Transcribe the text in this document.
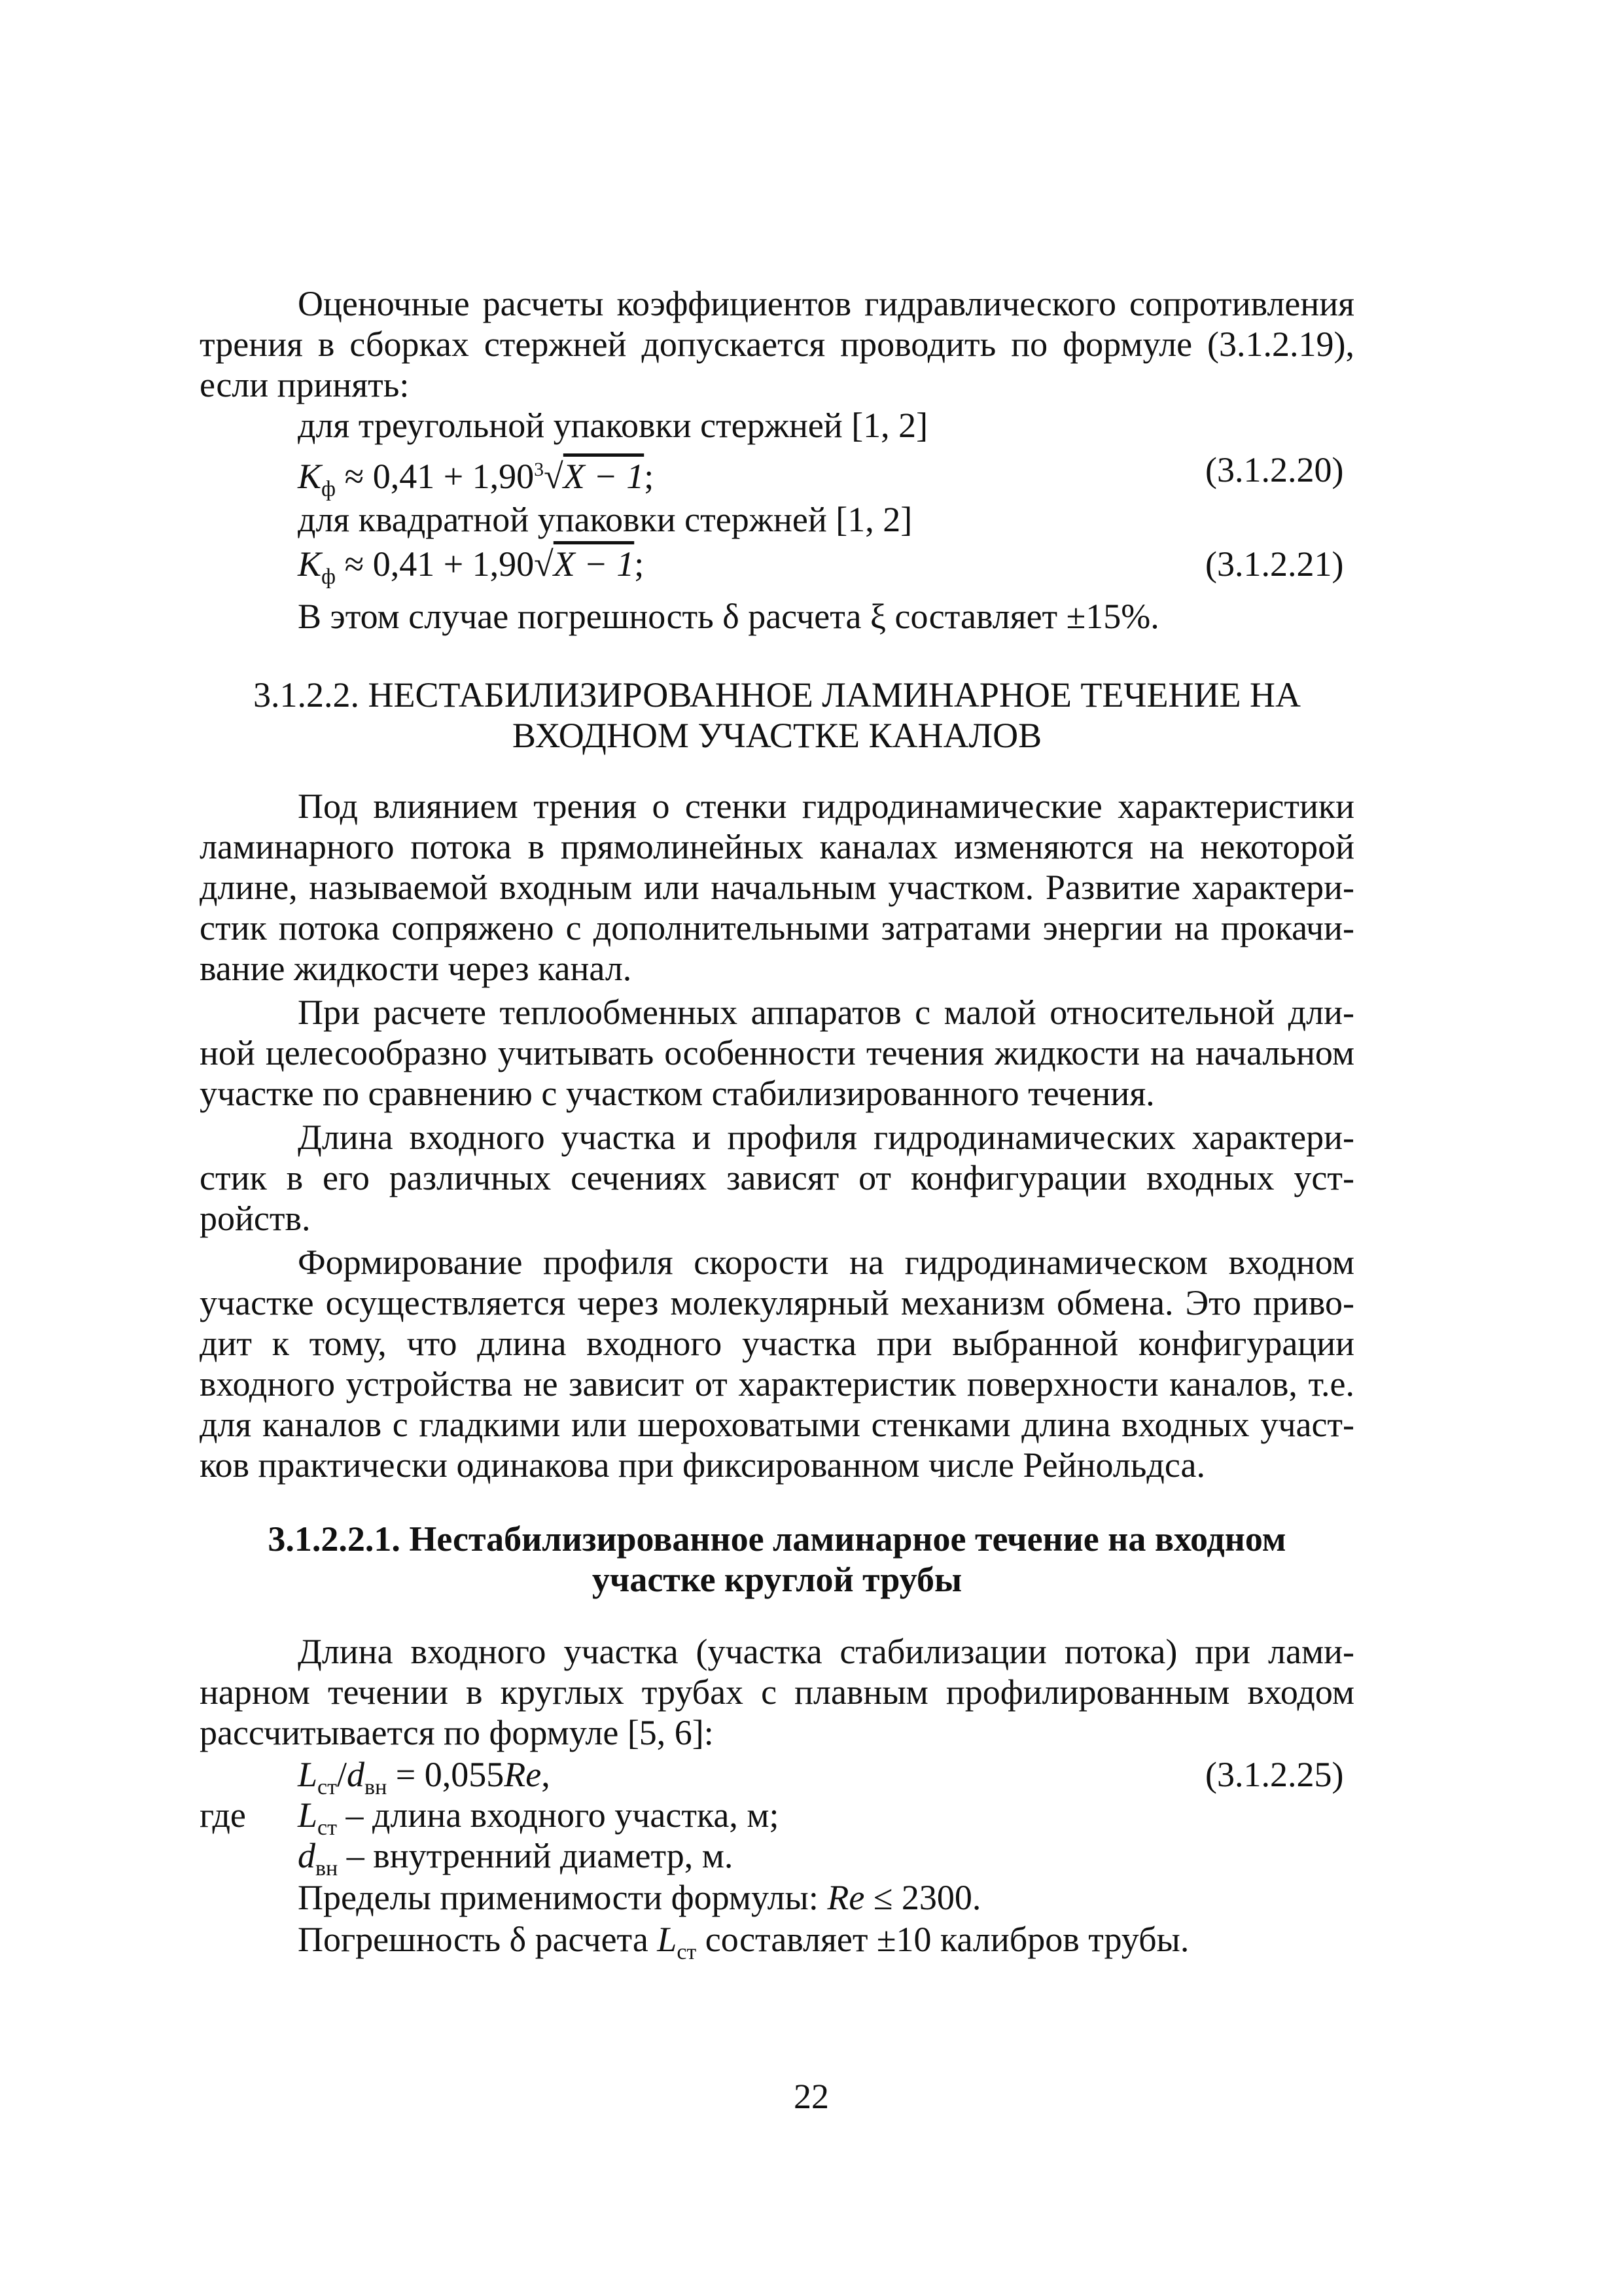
Оценочные расчеты коэффициентов гидравлического сопротивления
трения в сборках стержней допускается проводить по формуле (3.1.2.19),
если принять:
для треугольной упаковки стержней [1, 2]
$K_ф \approx 0,41 + 1,90^3√X - 1$;	(3.1.2.20)
для квадратной упаковки стержней [1, 2]
$K_ф \approx 0,41 + 1,90√X - 1$;	(3.1.2.21)
В этом случае погрешность δ расчета ξ составляет ±15%.
3.1.2.2. НЕСТАБИЛИЗИРОВАННОЕ ЛАМИНАРНОЕ ТЕЧЕНИЕ НА
ВХОДНОМ УЧАСТКЕ КАНАЛОВ
Под влиянием трения о стенки гидродинамические характеристики
ламинарного потока в прямолинейных каналах изменяются на некоторой
длине, называемой входным или начальным участком. Развитие характери-
стик потока сопряжено с дополнительными затратами энергии на прокачи-
вание жидкости через канал.
При расчете теплообменных аппаратов с малой относительной дли-
ной целесообразно учитывать особенности течения жидкости на начальном
участке по сравнению с участком стабилизированного течения.
Длина входного участка и профиля гидродинамических характери-
стик в его различных сечениях зависят от конфигурации входных уст-
ройств.
Формирование профиля скорости на гидродинамическом входном
участке осуществляется через молекулярный механизм обмена. Это приво-
дит к тому, что длина входного участка при выбранной конфигурации
входного устройства не зависит от характеристик поверхности каналов, т.е.
для каналов с гладкими или шероховатыми стенками длина входных участ-
ков практически одинакова при фиксированном числе Рейнольдса.
3.1.2.2.1. Нестабилизированное ламинарное течение на входном
участке круглой трубы
Длина входного участка (участка стабилизации потока) при лами-
нарном течении в круглых трубах с плавным профилированным входом
рассчитывается по формуле [5, 6]:
$L_{ст}/d_{вн} = 0,055Re$,	(3.1.2.25)
где $L_{ст}$ – длина входного участка, м;
$d_{вн}$ – внутренний диаметр, м.
Пределы применимости формулы: Re ≤ 2300.
Погрешность δ расчета $L_{ст}$ составляет ±10 калибров трубы.
22
